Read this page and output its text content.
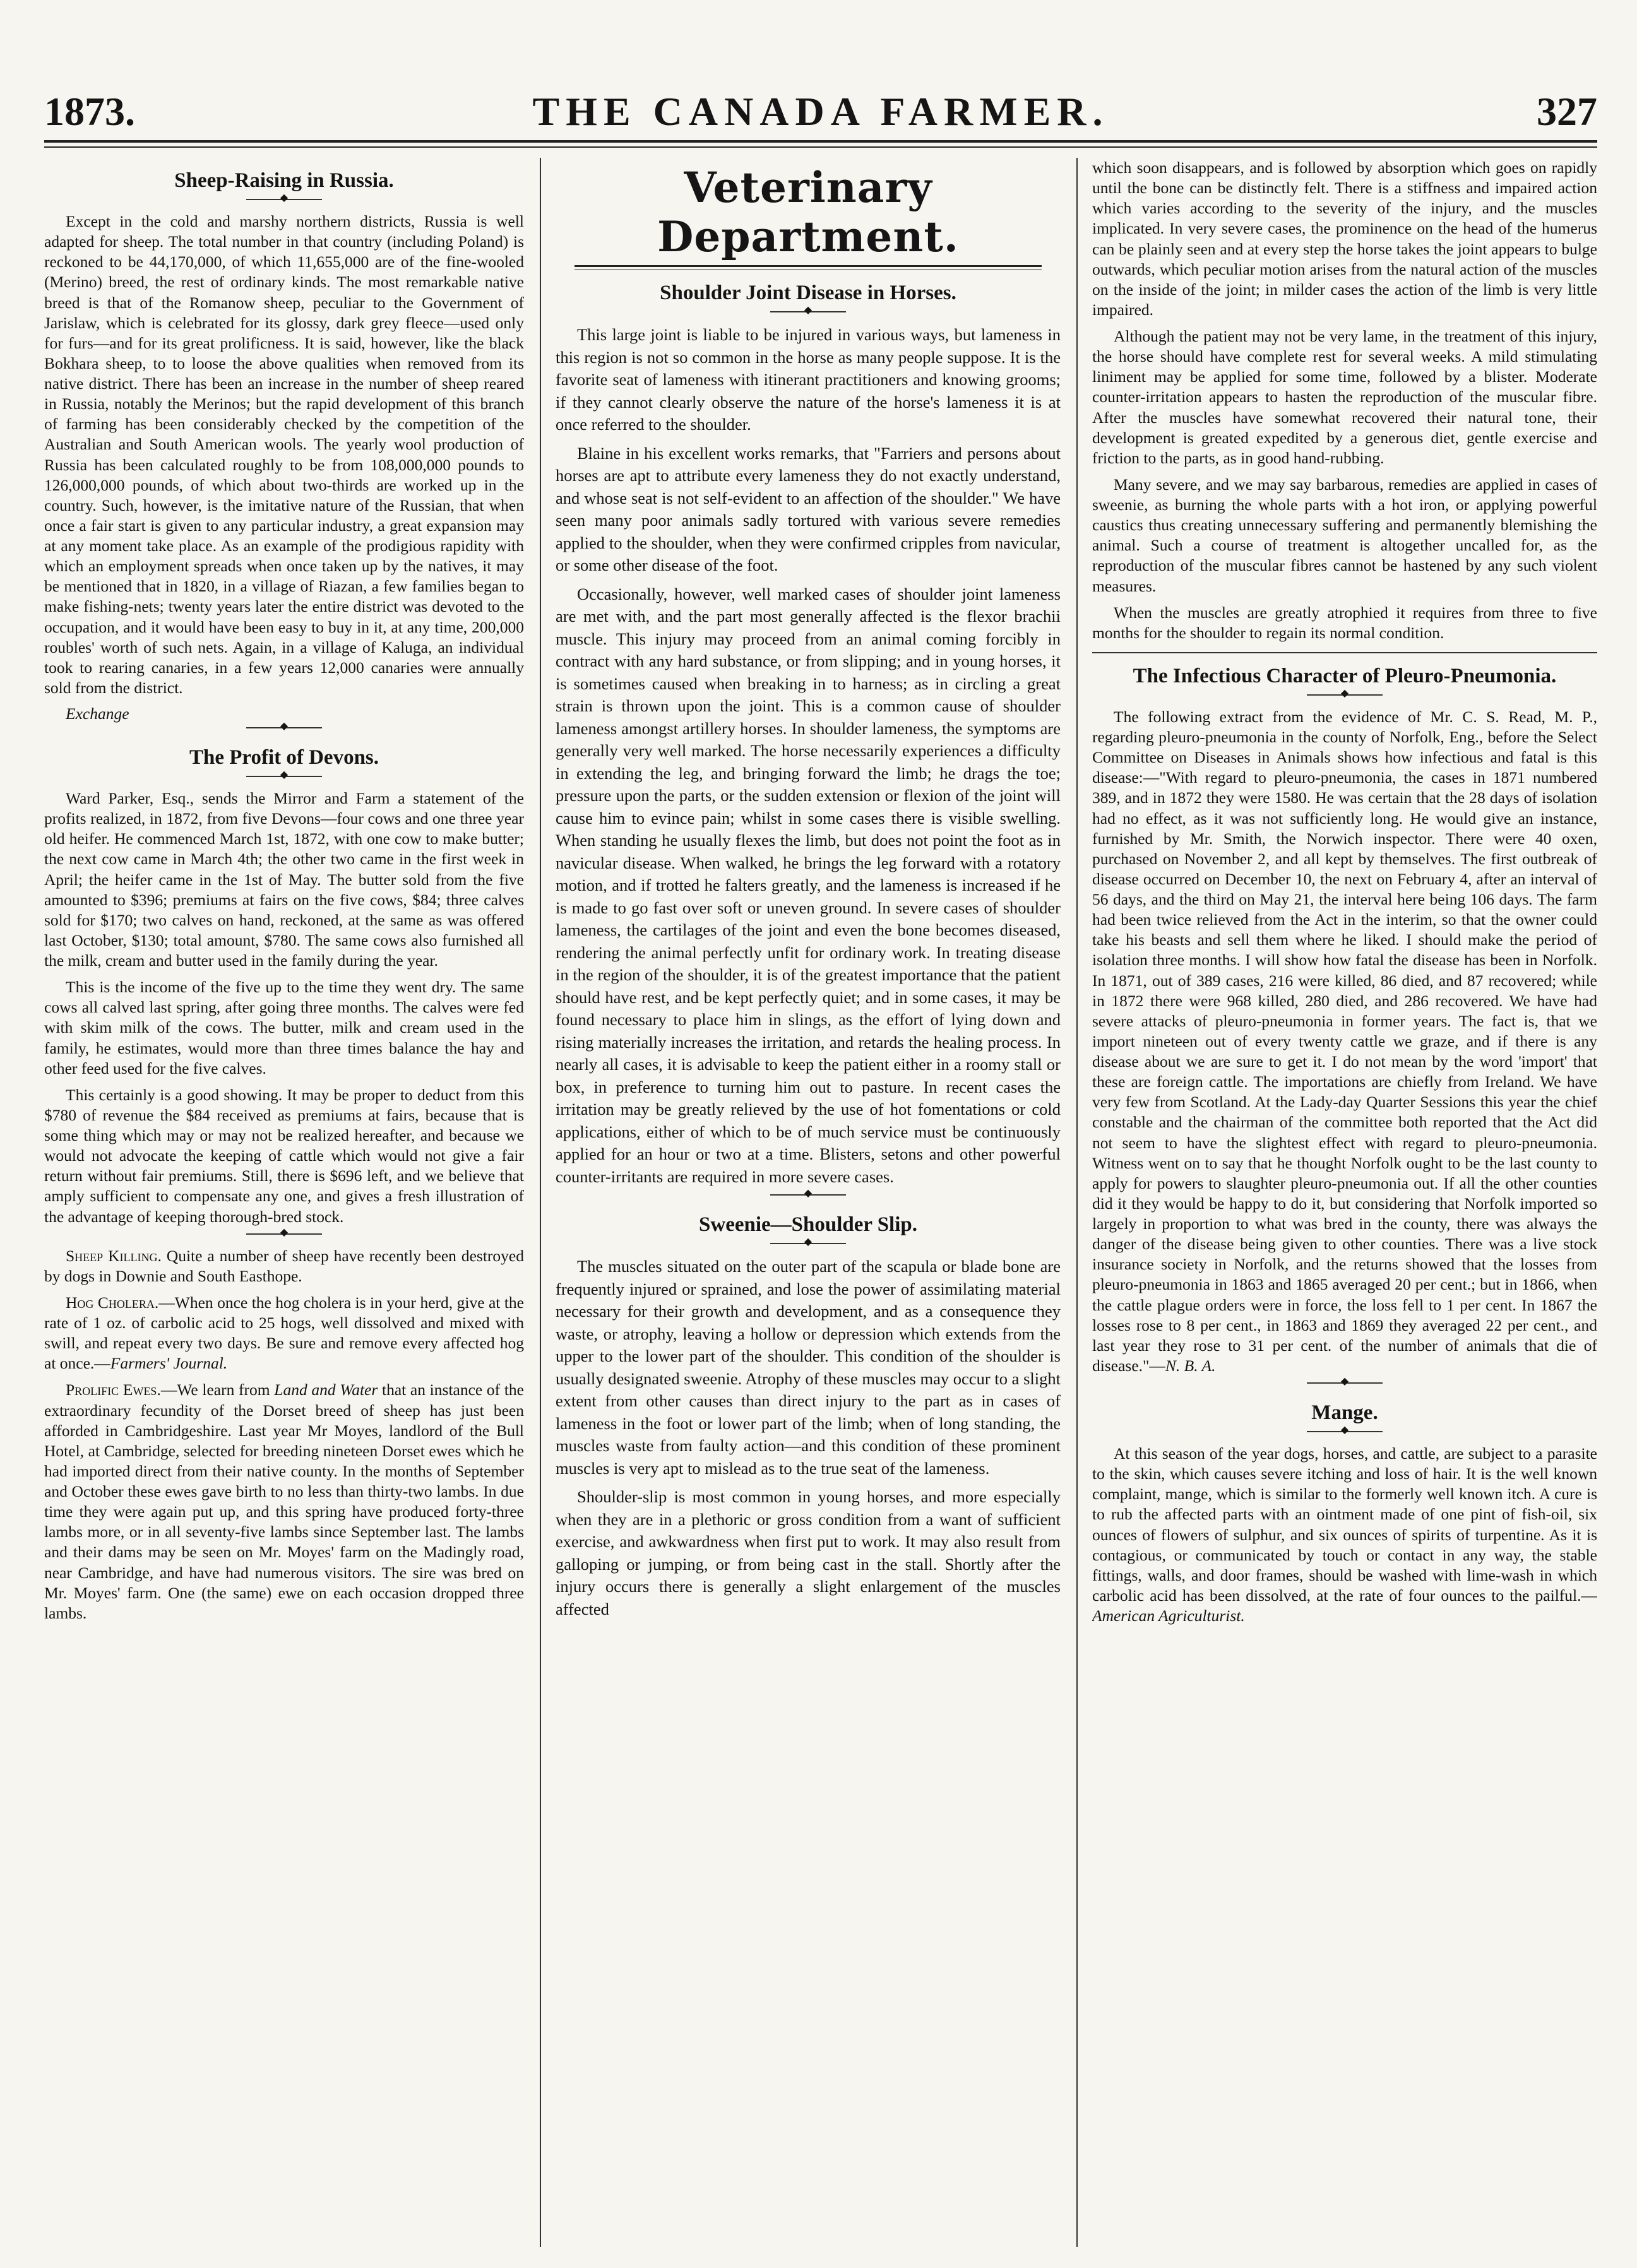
THE CANADA FARMER.
1873.	327
Sheep-Raising in Russia.
◆

Except in the cold and marshy northern districts, Russia is well adapted for sheep. The total number in that country (including Poland) is reckoned to be 44,170,000, of which 11,655,000 are of the fine-wooled (Merino) breed, the rest of ordinary kinds. The most remarkable native breed is that of the Romanow sheep, peculiar to the Government of Jarislaw, which is celebrated for its glossy, dark grey fleece—used only for furs—and for its great prolificness. It is said, however, like the black Bokhara sheep, to to loose the above qualities when removed from its native district. There has been an increase in the number of sheep reared in Russia, notably the Merinos; but the rapid development of this branch of farming has been considerably checked by the competition of the Australian and South American wools. The yearly wool production of Russia has been calculated roughly to be from 108,000,000 pounds to 126,000,000 pounds, of which about two-thirds are worked up in the country. Such, however, is the imitative nature of the Russian, that when once a fair start is given to any particular industry, a great expansion may at any moment take place. As an example of the prodigious rapidity with which an employment spreads when once taken up by the natives, it may be mentioned that in 1820, in a village of Riazan, a few families began to make fishing-nets; twenty years later the entire district was devoted to the occupation, and it would have been easy to buy in it, at any time, 200,000 roubles' worth of such nets. Again, in a village of Kaluga, an individual took to rearing canaries, in a few years 12,000 canaries were annually sold from the district.

Exchange
◆
The Profit of Devons.
◆

Ward Parker, Esq., sends the Mirror and Farm a statement of the profits realized, in 1872, from five Devons—four cows and one three year old heifer. He commenced March 1st, 1872, with one cow to make butter; the next cow came in March 4th; the other two came in the first week in April; the heifer came in the 1st of May. The butter sold from the five amounted to $396; premiums at fairs on the five cows, $84; three calves sold for $170; two calves on hand, reckoned, at the same as was offered last October, $130; total amount, $780. The same cows also furnished all the milk, cream and butter used in the family during the year.

This is the income of the five up to the time they went dry. The same cows all calved last spring, after going three months. The calves were fed with skim milk of the cows. The butter, milk and cream used in the family, he estimates, would more than three times balance the hay and other feed used for the five calves.

This certainly is a good showing. It may be proper to deduct from this $780 of revenue the $84 received as premiums at fairs, because that is some thing which may or may not be realized hereafter, and because we would not advocate the keeping of cattle which would not give a fair return without fair premiums. Still, there is $696 left, and we believe that amply sufficient to compensate any one, and gives a fresh illustration of the advantage of keeping thorough-bred stock.

◆

Sheep Killing. Quite a number of sheep have recently been destroyed by dogs in Downie and South Easthope.

Hog Cholera.—When once the hog cholera is in your herd, give at the rate of 1 oz. of carbolic acid to 25 hogs, well dissolved and mixed with swill, and repeat every two days. Be sure and remove every affected hog at once.—Farmers' Journal.

Prolific Ewes.—We learn from Land and Water that an instance of the extraordinary fecundity of the Dorset breed of sheep has just been afforded in Cambridgeshire. Last year Mr Moyes, landlord of the Bull Hotel, at Cambridge, selected for breeding nineteen Dorset ewes which he had imported direct from their native county. In the months of September and October these ewes gave birth to no less than thirty-two lambs. In due time they were again put up, and this spring have produced forty-three lambs more, or in all seventy-five lambs since September last. The lambs and their dams may be seen on Mr. Moyes' farm on the Madingly road, near Cambridge, and have had numerous visitors. The sire was bred on Mr. Moyes' farm. One (the same) ewe on each occasion dropped three lambs.

Veterinary Department.
Shoulder Joint Disease in Horses.
◆

This large joint is liable to be injured in various ways, but lameness in this region is not so common in the horse as many people suppose. It is the favorite seat of lameness with itinerant practitioners and knowing grooms; if they cannot clearly observe the nature of the horse's lameness it is at once referred to the shoulder.

Blaine in his excellent works remarks, that "Farriers and persons about horses are apt to attribute every lameness they do not exactly understand, and whose seat is not self-evident to an affection of the shoulder." We have seen many poor animals sadly tortured with various severe remedies applied to the shoulder, when they were confirmed cripples from navicular, or some other disease of the foot.

Occasionally, however, well marked cases of shoulder joint lameness are met with, and the part most generally affected is the flexor brachii muscle. This injury may proceed from an animal coming forcibly in contract with any hard substance, or from slipping; and in young horses, it is sometimes caused when breaking in to harness; as in circling a great strain is thrown upon the joint. This is a common cause of shoulder lameness amongst artillery horses. In shoulder lameness, the symptoms are generally very well marked. The horse necessarily experiences a difficulty in extending the leg, and bringing forward the limb; he drags the toe; pressure upon the parts, or the sudden extension or flexion of the joint will cause him to evince pain; whilst in some cases there is visible swelling. When standing he usually flexes the limb, but does not point the foot as in navicular disease. When walked, he brings the leg forward with a rotatory motion, and if trotted he falters greatly, and the lameness is increased if he is made to go fast over soft or uneven ground. In severe cases of shoulder lameness, the cartilages of the joint and even the bone becomes diseased, rendering the animal perfectly unfit for ordinary work. In treating disease in the region of the shoulder, it is of the greatest importance that the patient should have rest, and be kept perfectly quiet; and in some cases, it may be found necessary to place him in slings, as the effort of lying down and rising materially increases the irritation, and retards the healing process. In nearly all cases, it is advisable to keep the patient either in a roomy stall or box, in preference to turning him out to pasture. In recent cases the irritation may be greatly relieved by the use of hot fomentations or cold applications, either of which to be of much service must be continuously applied for an hour or two at a time. Blisters, setons and other powerful counter-irritants are required in more severe cases.

◆
Sweenie—Shoulder Slip.
◆

The muscles situated on the outer part of the scapula or blade bone are frequently injured or sprained, and lose the power of assimilating material necessary for their growth and development, and as a consequence they waste, or atrophy, leaving a hollow or depression which extends from the upper to the lower part of the shoulder. This condition of the shoulder is usually designated sweenie. Atrophy of these muscles may occur to a slight extent from other causes than direct injury to the part as in cases of lameness in the foot or lower part of the limb; when of long standing, the muscles waste from faulty action—and this condition of these prominent muscles is very apt to mislead as to the true seat of the lameness.

Shoulder-slip is most common in young horses, and more especially when they are in a plethoric or gross condition from a want of sufficient exercise, and awkwardness when first put to work. It may also result from galloping or jumping, or from being cast in the stall. Shortly after the injury occurs there is generally a slight enlargement of the muscles affected

which soon disappears, and is followed by absorption which goes on rapidly until the bone can be distinctly felt. There is a stiffness and impaired action which varies according to the severity of the injury, and the muscles implicated. In very severe cases, the prominence on the head of the humerus can be plainly seen and at every step the horse takes the joint appears to bulge outwards, which peculiar motion arises from the natural action of the muscles on the inside of the joint; in milder cases the action of the limb is very little impaired.

Although the patient may not be very lame, in the treatment of this injury, the horse should have complete rest for several weeks. A mild stimulating liniment may be applied for some time, followed by a blister. Moderate counter-irritation appears to hasten the reproduction of the muscular fibre. After the muscles have somewhat recovered their natural tone, their development is greated expedited by a generous diet, gentle exercise and friction to the parts, as in good hand-rubbing.

Many severe, and we may say barbarous, remedies are applied in cases of sweenie, as burning the whole parts with a hot iron, or applying powerful caustics thus creating unnecessary suffering and permanently blemishing the animal. Such a course of treatment is altogether uncalled for, as the reproduction of the muscular fibres cannot be hastened by any such violent measures.

When the muscles are greatly atrophied it requires from three to five months for the shoulder to regain its normal condition.

The Infectious Character of Pleuro-Pneumonia.
◆

The following extract from the evidence of Mr. C. S. Read, M. P., regarding pleuro-pneumonia in the county of Norfolk, Eng., before the Select Committee on Diseases in Animals shows how infectious and fatal is this disease:—"With regard to pleuro-pneumonia, the cases in 1871 numbered 389, and in 1872 they were 1580. He was certain that the 28 days of isolation had no effect, as it was not sufficiently long. He would give an instance, furnished by Mr. Smith, the Norwich inspector. There were 40 oxen, purchased on November 2, and all kept by themselves. The first outbreak of disease occurred on December 10, the next on February 4, after an interval of 56 days, and the third on May 21, the interval here being 106 days. The farm had been twice relieved from the Act in the interim, so that the owner could take his beasts and sell them where he liked. I should make the period of isolation three months. I will show how fatal the disease has been in Norfolk. In 1871, out of 389 cases, 216 were killed, 86 died, and 87 recovered; while in 1872 there were 968 killed, 280 died, and 286 recovered. We have had severe attacks of pleuro-pneumonia in former years. The fact is, that we import nineteen out of every twenty cattle we graze, and if there is any disease about we are sure to get it. I do not mean by the word 'import' that these are foreign cattle. The importations are chiefly from Ireland. We have very few from Scotland. At the Lady-day Quarter Sessions this year the chief constable and the chairman of the committee both reported that the Act did not seem to have the slightest effect with regard to pleuro-pneumonia. Witness went on to say that he thought Norfolk ought to be the last county to apply for powers to slaughter pleuro-pneumonia out. If all the other counties did it they would be happy to do it, but considering that Norfolk imported so largely in proportion to what was bred in the county, there was always the danger of the disease being given to other counties. There was a live stock insurance society in Norfolk, and the returns showed that the losses from pleuro-pneumonia in 1863 and 1865 averaged 20 per cent.; but in 1866, when the cattle plague orders were in force, the loss fell to 1 per cent. In 1867 the losses rose to 8 per cent., in 1863 and 1869 they averaged 22 per cent., and last year they rose to 31 per cent. of the number of animals that die of disease."—N. B. A.

◆
Mange.
◆

At this season of the year dogs, horses, and cattle, are subject to a parasite to the skin, which causes severe itching and loss of hair. It is the well known complaint, mange, which is similar to the formerly well known itch. A cure is to rub the affected parts with an ointment made of one pint of fish-oil, six ounces of flowers of sulphur, and six ounces of spirits of turpentine. As it is contagious, or communicated by touch or contact in any way, the stable fittings, walls, and door frames, should be washed with lime-wash in which carbolic acid has been dissolved, at the rate of four ounces to the pailful.—American Agriculturist.
